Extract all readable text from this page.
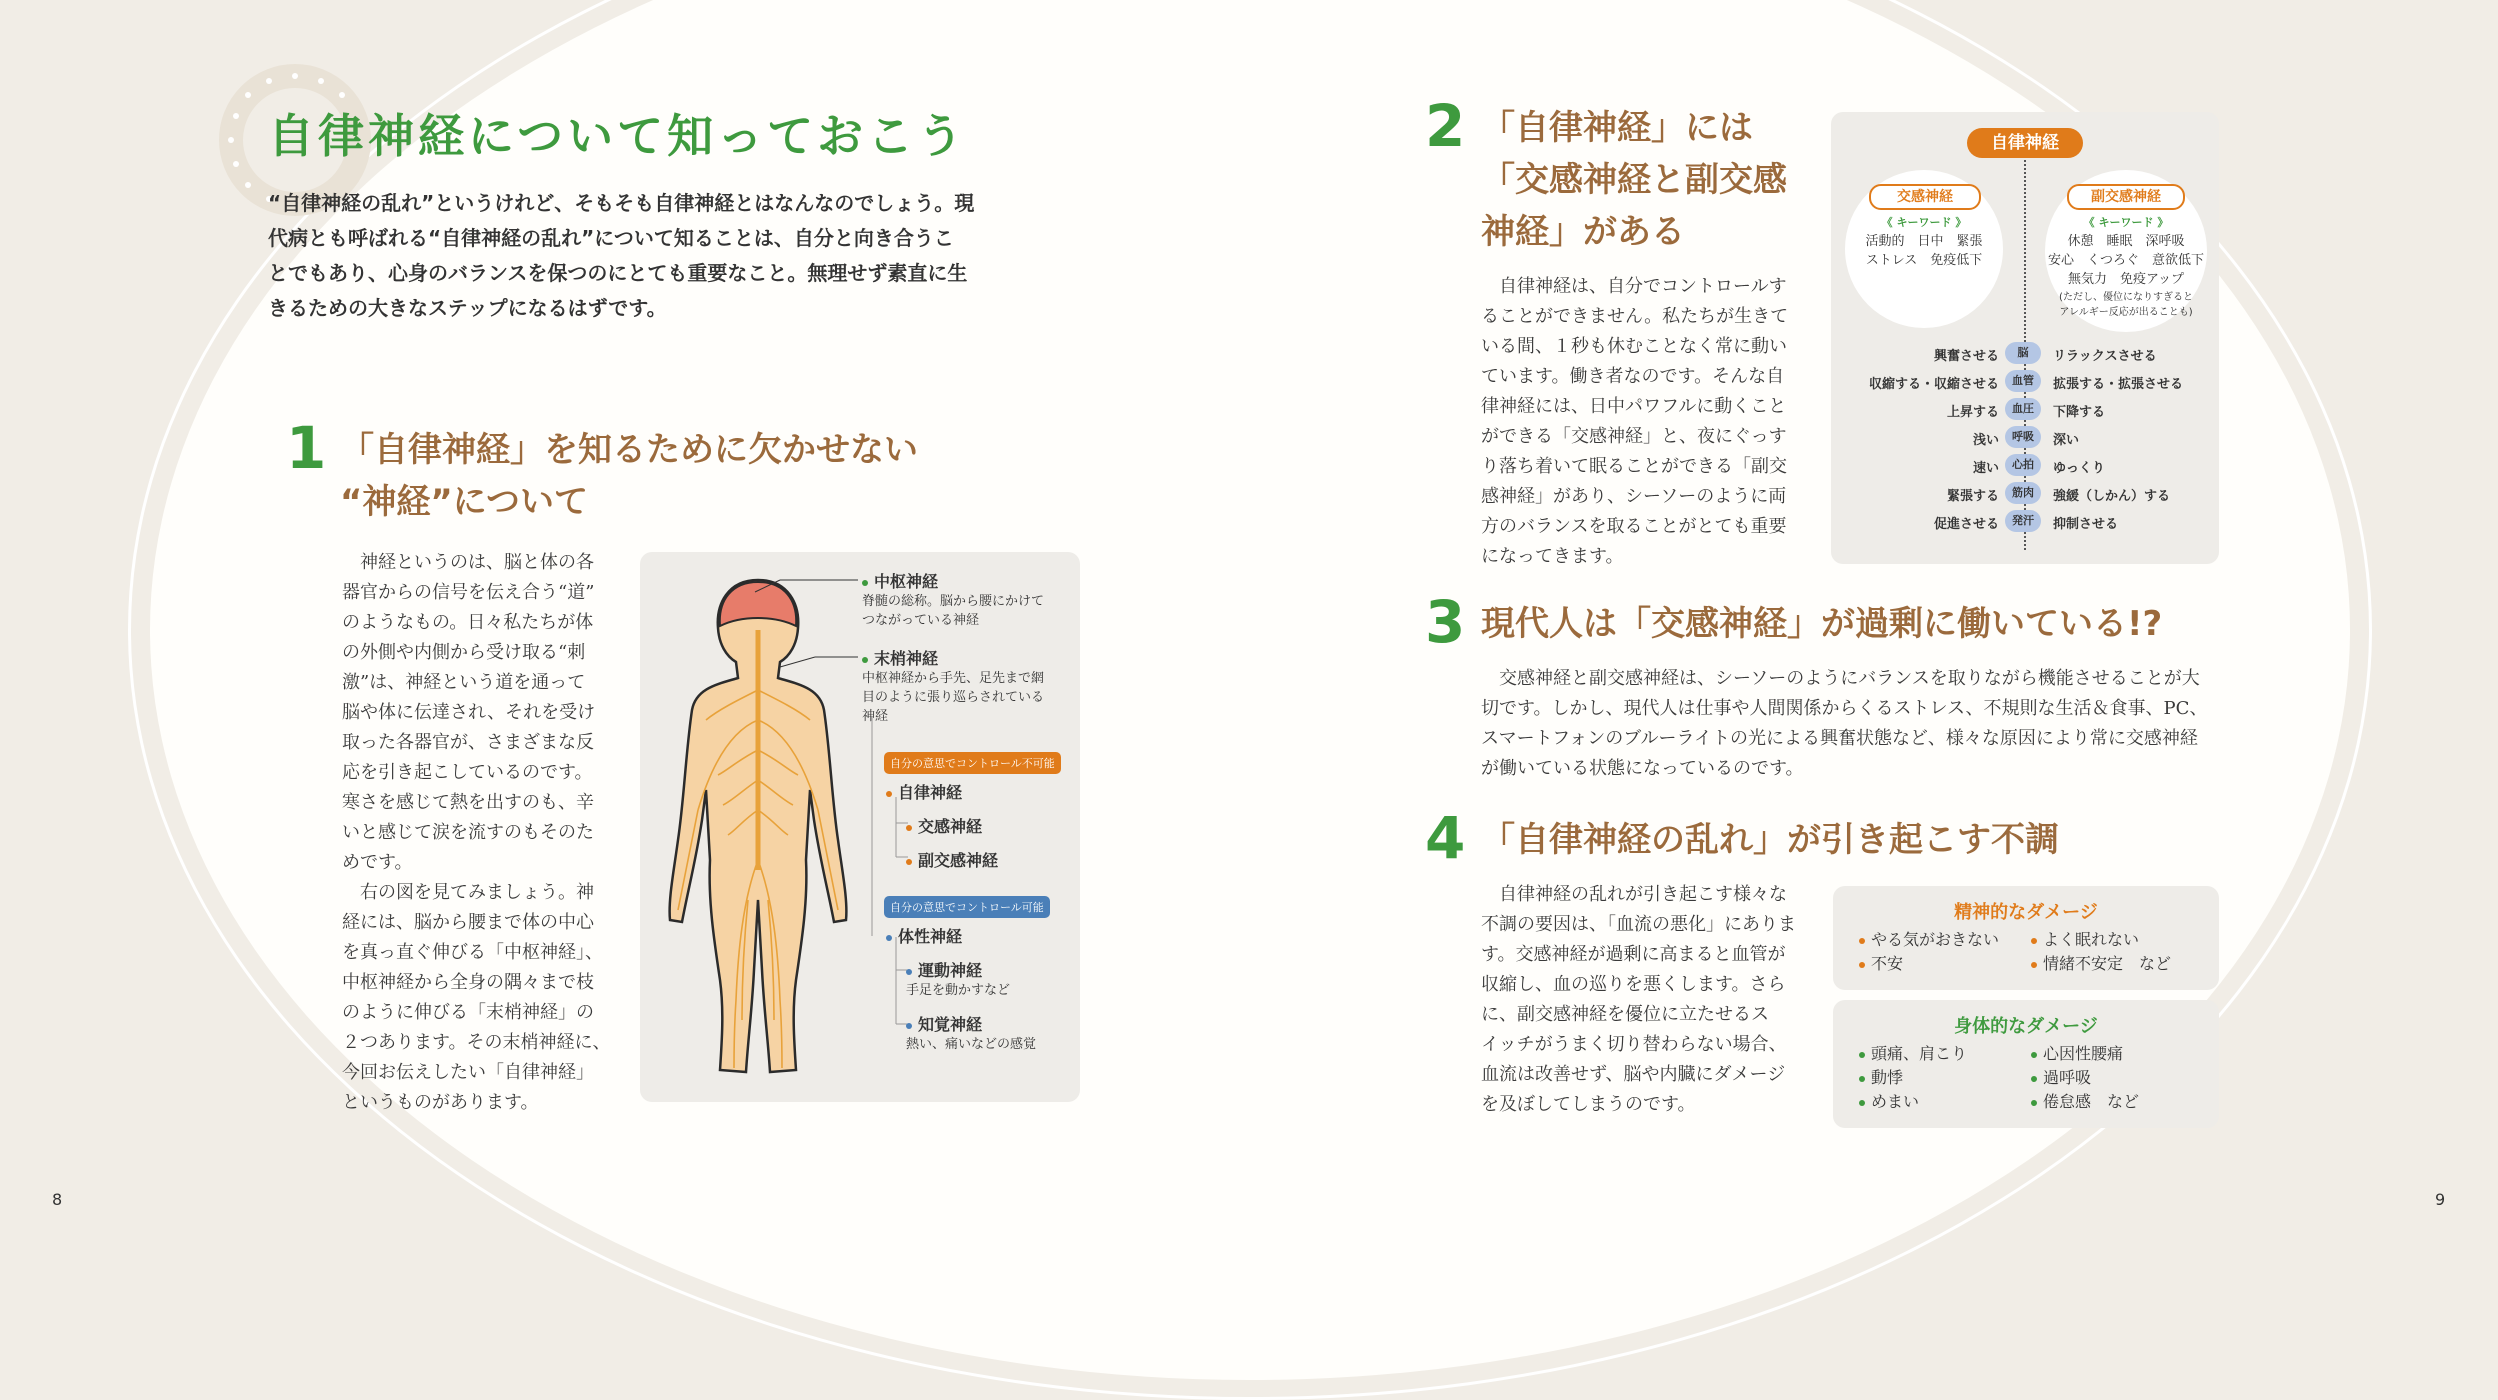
自律神経について知っておこう
“自律神経の乱れ”というけれど、そもそも自律神経とはなんなのでしょう。現
代病とも呼ばれる“自律神経の乱れ”について知ることは、自分と向き合うこ
とでもあり、心身のバランスを保つのにとても重要なこと。無理せず素直に生
きるための大きなステップになるはずです。
1 「自律神経」を知るために欠かせない
“神経”について
　神経というのは、脳と体の各
器官からの信号を伝え合う“道”
のようなもの。日々私たちが体
の外側や内側から受け取る“刺
激”は、神経という道を通って
脳や体に伝達され、それを受け
取った各器官が、さまざまな反
応を引き起こしているのです。
寒さを感じて熱を出すのも、辛
いと感じて涙を流すのもそのた
めです。
　右の図を見てみましょう。神
経には、脳から腰まで体の中心
を真っ直ぐ伸びる「中枢神経」、
中枢神経から全身の隅々まで枝
のように伸びる「末梢神経」の
２つあります。その末梢神経に、
今回お伝えしたい「自律神経」
というものがあります。
中枢神経
脊髄の総称。脳から腰にかけて
つながっている神経
末梢神経
中枢神経から手先、足先まで網
目のように張り巡らされている
神経
自分の意思でコントロール不可能
自律神経
交感神経
副交感神経
自分の意思でコントロール可能
体性神経
運動神経
手足を動かすなど
知覚神経
熱い、痛いなどの感覚
8
2 「自律神経」には
「交感神経と副交感
神経」がある
　自律神経は、自分でコントロールす
ることができません。私たちが生きて
いる間、１秒も休むことなく常に動い
ています。働き者なのです。そんな自
律神経には、日中パワフルに動くこと
ができる「交感神経」と、夜にぐっす
り落ち着いて眠ることができる「副交
感神経」があり、シーソーのように両
方のバランスを取ることがとても重要
になってきます。
自律神経
交感神経
《 キーワード 》
活動的　日中　緊張
ストレス　免疫低下
副交感神経
《 キーワード 》
休憩　睡眠　深呼吸
安心　くつろぐ　意欲低下
無気力　免疫アップ
(ただし、優位になりすぎると
アレルギー反応が出ることも)
興奮させる	脳	リラックスさせる
収縮する・収縮させる	血管	拡張する・拡張させる
上昇する	血圧	下降する
浅い	呼吸	深い
速い	心拍	ゆっくり
緊張する	筋肉	強緩（しかん）する
促進させる	発汗	抑制させる
3 現代人は「交感神経」が過剰に働いている!?
　交感神経と副交感神経は、シーソーのようにバランスを取りながら機能させることが大
切です。しかし、現代人は仕事や人間関係からくるストレス、不規則な生活＆食事、PC、
スマートフォンのブルーライトの光による興奮状態など、様々な原因により常に交感神経
が働いている状態になっているのです。
4 「自律神経の乱れ」が引き起こす不調
　自律神経の乱れが引き起こす様々な
不調の要因は、「血流の悪化」にありま
す。交感神経が過剰に高まると血管が
収縮し、血の巡りを悪くします。さら
に、副交感神経を優位に立たせるス
イッチがうまく切り替わらない場合、
血流は改善せず、脳や内臓にダメージ
を及ぼしてしまうのです。
精神的なダメージ
やる気がおきない
不安
よく眠れない
情緒不安定　など
身体的なダメージ
頭痛、肩こり
動悸
めまい
心因性腰痛
過呼吸
倦怠感　など
9
